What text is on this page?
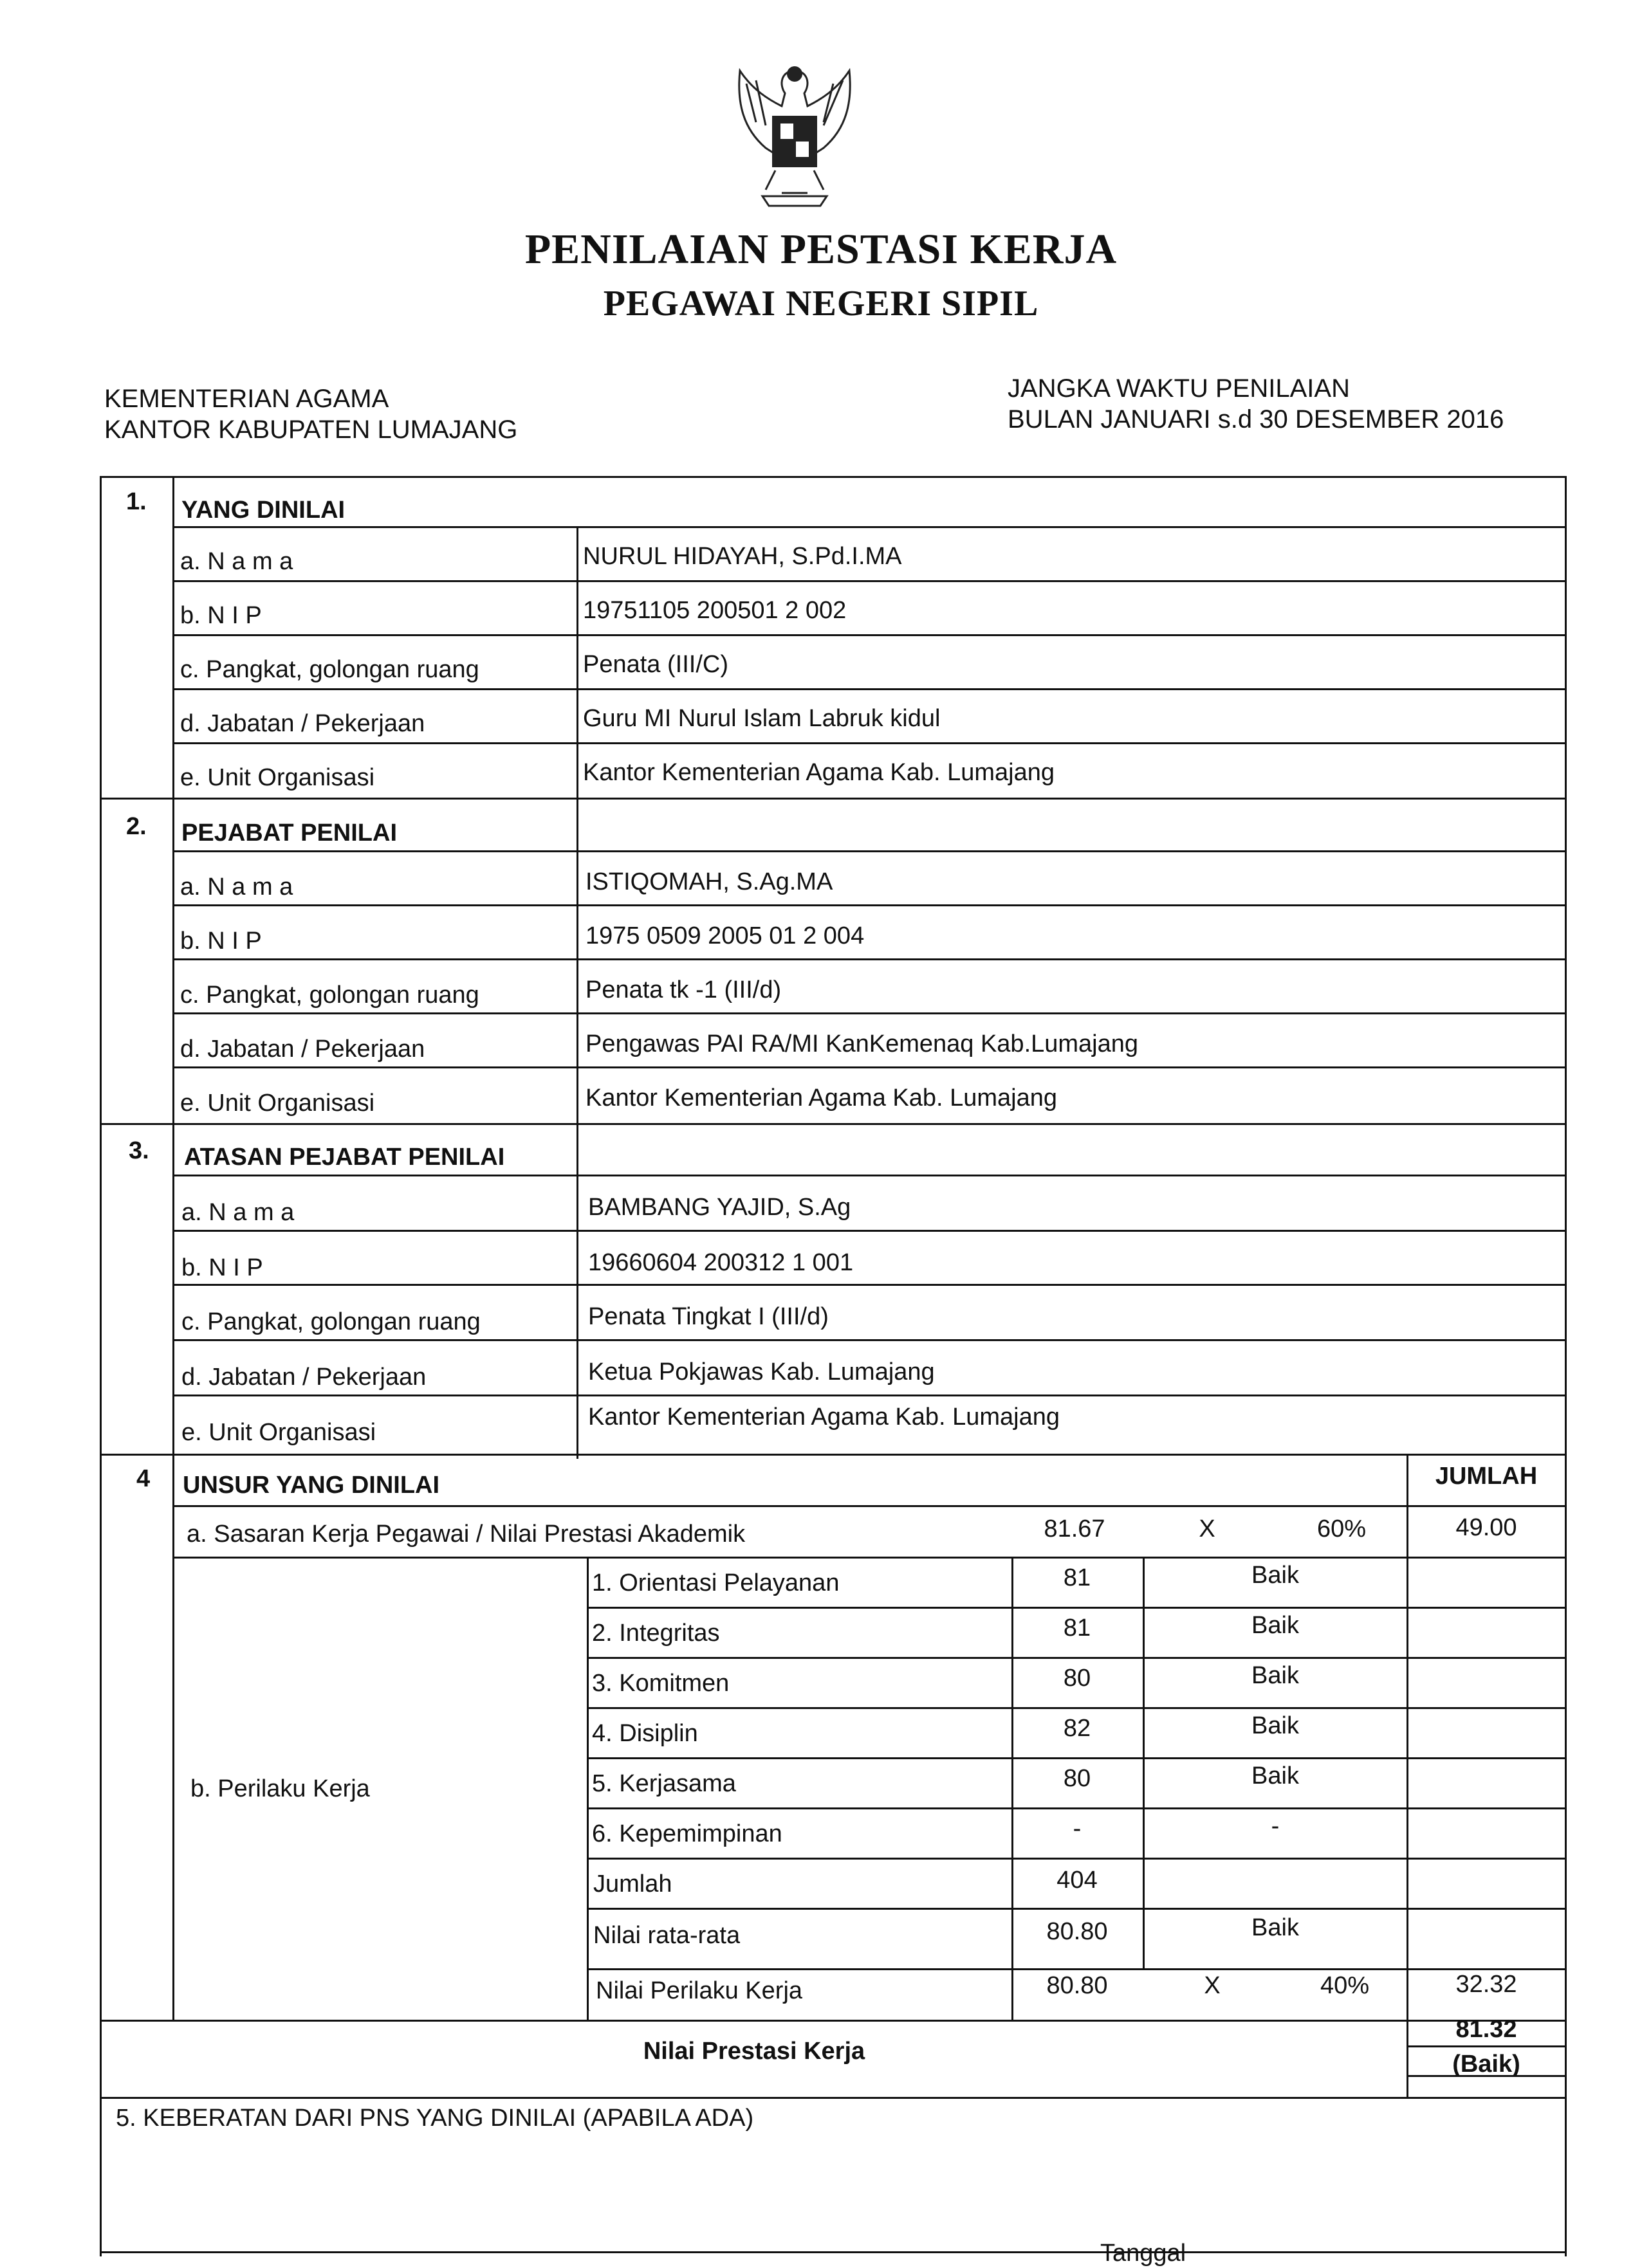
PENILAIAN PESTASI KERJA
PEGAWAI NEGERI SIPIL
KEMENTERIAN AGAMA
KANTOR KABUPATEN LUMAJANG
JANGKA WAKTU PENILAIAN
BULAN JANUARI s.d 30 DESEMBER 2016
1. YANG DINILAI
a. N a m a	NURUL HIDAYAH, S.Pd.I.MA
b. N I P	19751105 200501 2 002
c. Pangkat, golongan ruang	Penata (III/C)
d. Jabatan / Pekerjaan	Guru MI Nurul Islam Labruk kidul
e. Unit Organisasi	Kantor Kementerian Agama Kab. Lumajang
2. PEJABAT PENILAI
a. N a m a	ISTIQOMAH, S.Ag.MA
b. N I P	1975 0509 2005 01 2 004
c. Pangkat, golongan ruang	Penata tk -1 (III/d)
d. Jabatan / Pekerjaan	Pengawas PAI RA/MI KanKemenaq Kab.Lumajang
e. Unit Organisasi	Kantor Kementerian Agama Kab. Lumajang
3. ATASAN PEJABAT PENILAI
a. N a m a	BAMBANG YAJID, S.Ag
b. N I P	19660604 200312 1 001
c. Pangkat, golongan ruang	Penata Tingkat I (III/d)
d. Jabatan / Pekerjaan	Ketua Pokjawas Kab. Lumajang
e. Unit Organisasi
Kantor Kementerian Agama Kab. Lumajang
4 UNSUR YANG DINILAI	JUMLAH
a. Sasaran Kerja Pegawai / Nilai Prestasi Akademik	81.67	X	60%	49.00
b. Perilaku Kerja
1. Orientasi Pelayanan	81	Baik
2. Integritas	81	Baik
3. Komitmen	80	Baik
4. Disiplin	82	Baik
5. Kerjasama	80	Baik
6. Kepemimpinan	-	-
Jumlah	404
Nilai rata-rata	80.80	Baik
Nilai Perilaku Kerja	80.80	X	40%	32.32
Nilai Prestasi Kerja
81.32
(Baik)
5. KEBERATAN DARI PNS YANG DINILAI (APABILA ADA)
Tanggal
